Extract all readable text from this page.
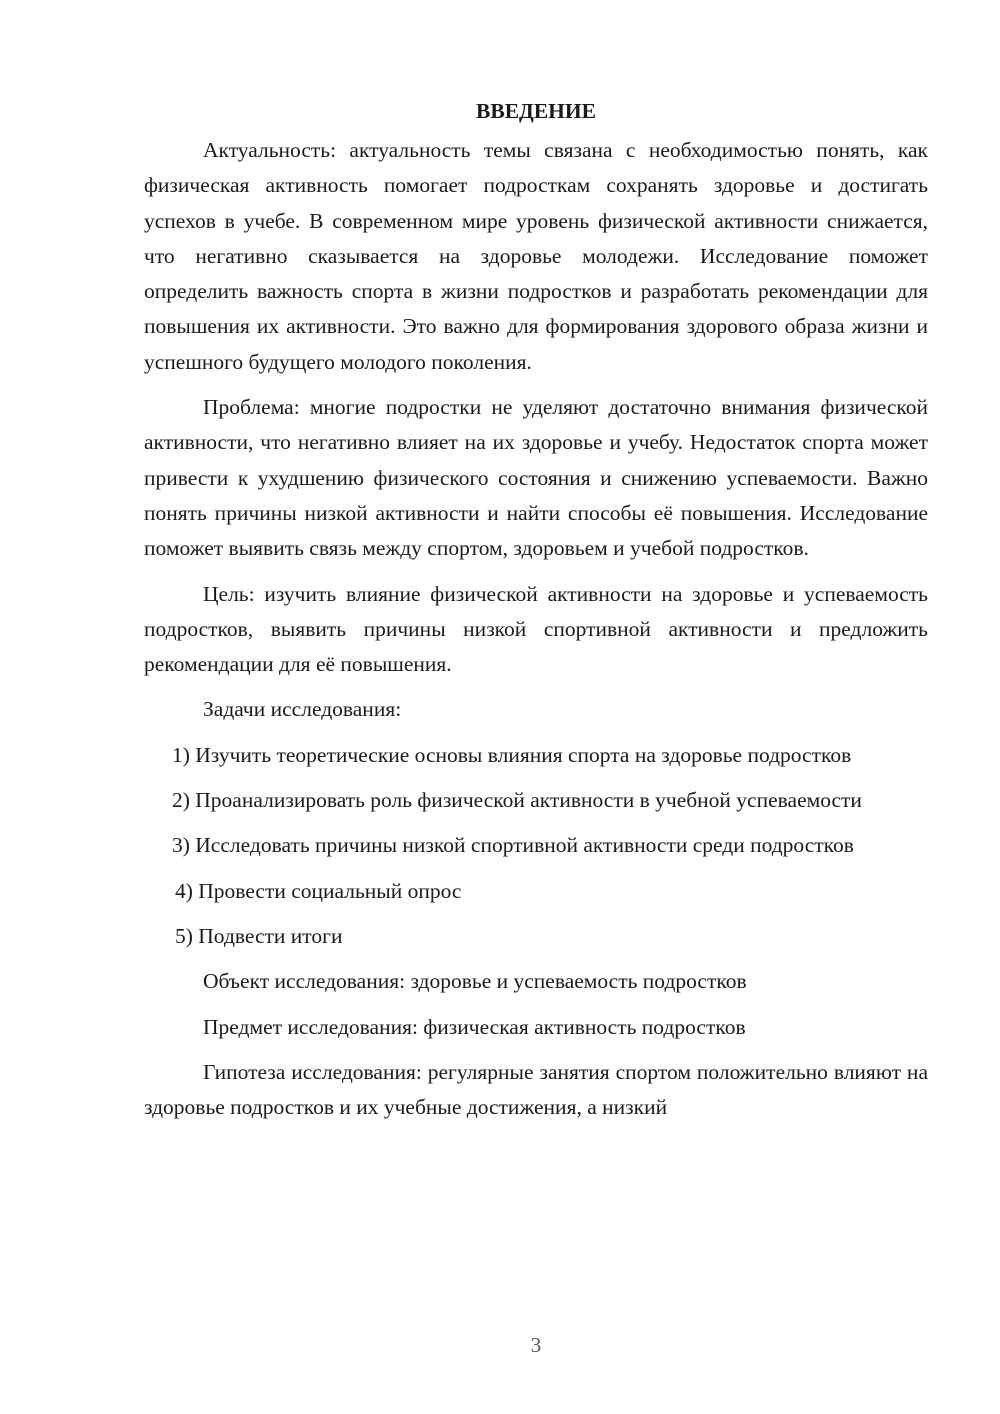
ВВЕДЕНИЕ

Актуальность: актуальность темы связана с необходимостью понять, как физическая активность помогает подросткам сохранять здоровье и достигать успехов в учебе. В современном мире уровень физической активности снижается, что негативно сказывается на здоровье молодежи. Исследование поможет определить важность спорта в жизни подростков и разработать рекомендации для повышения их активности. Это важно для формирования здорового образа жизни и успешного будущего молодого поколения.

Проблема: многие подростки не уделяют достаточно внимания физической активности, что негативно влияет на их здоровье и учебу. Недостаток спорта может привести к ухудшению физического состояния и снижению успеваемости. Важно понять причины низкой активности и найти способы её повышения. Исследование поможет выявить связь между спортом, здоровьем и учебой подростков.

Цель: изучить влияние физической активности на здоровье и успеваемость подростков, выявить причины низкой спортивной активности и предложить рекомендации для её повышения.

Задачи исследования:

1) Изучить теоретические основы влияния спорта на здоровье подростков

2) Проанализировать роль физической активности в учебной успеваемости

3) Исследовать причины низкой спортивной активности среди подростков

4) Провести социальный опрос

5) Подвести итоги

Объект исследования: здоровье и успеваемость подростков

Предмет исследования: физическая активность подростков

Гипотеза исследования: регулярные занятия спортом положительно влияют на здоровье подростков и их учебные достижения, а низкий

3
